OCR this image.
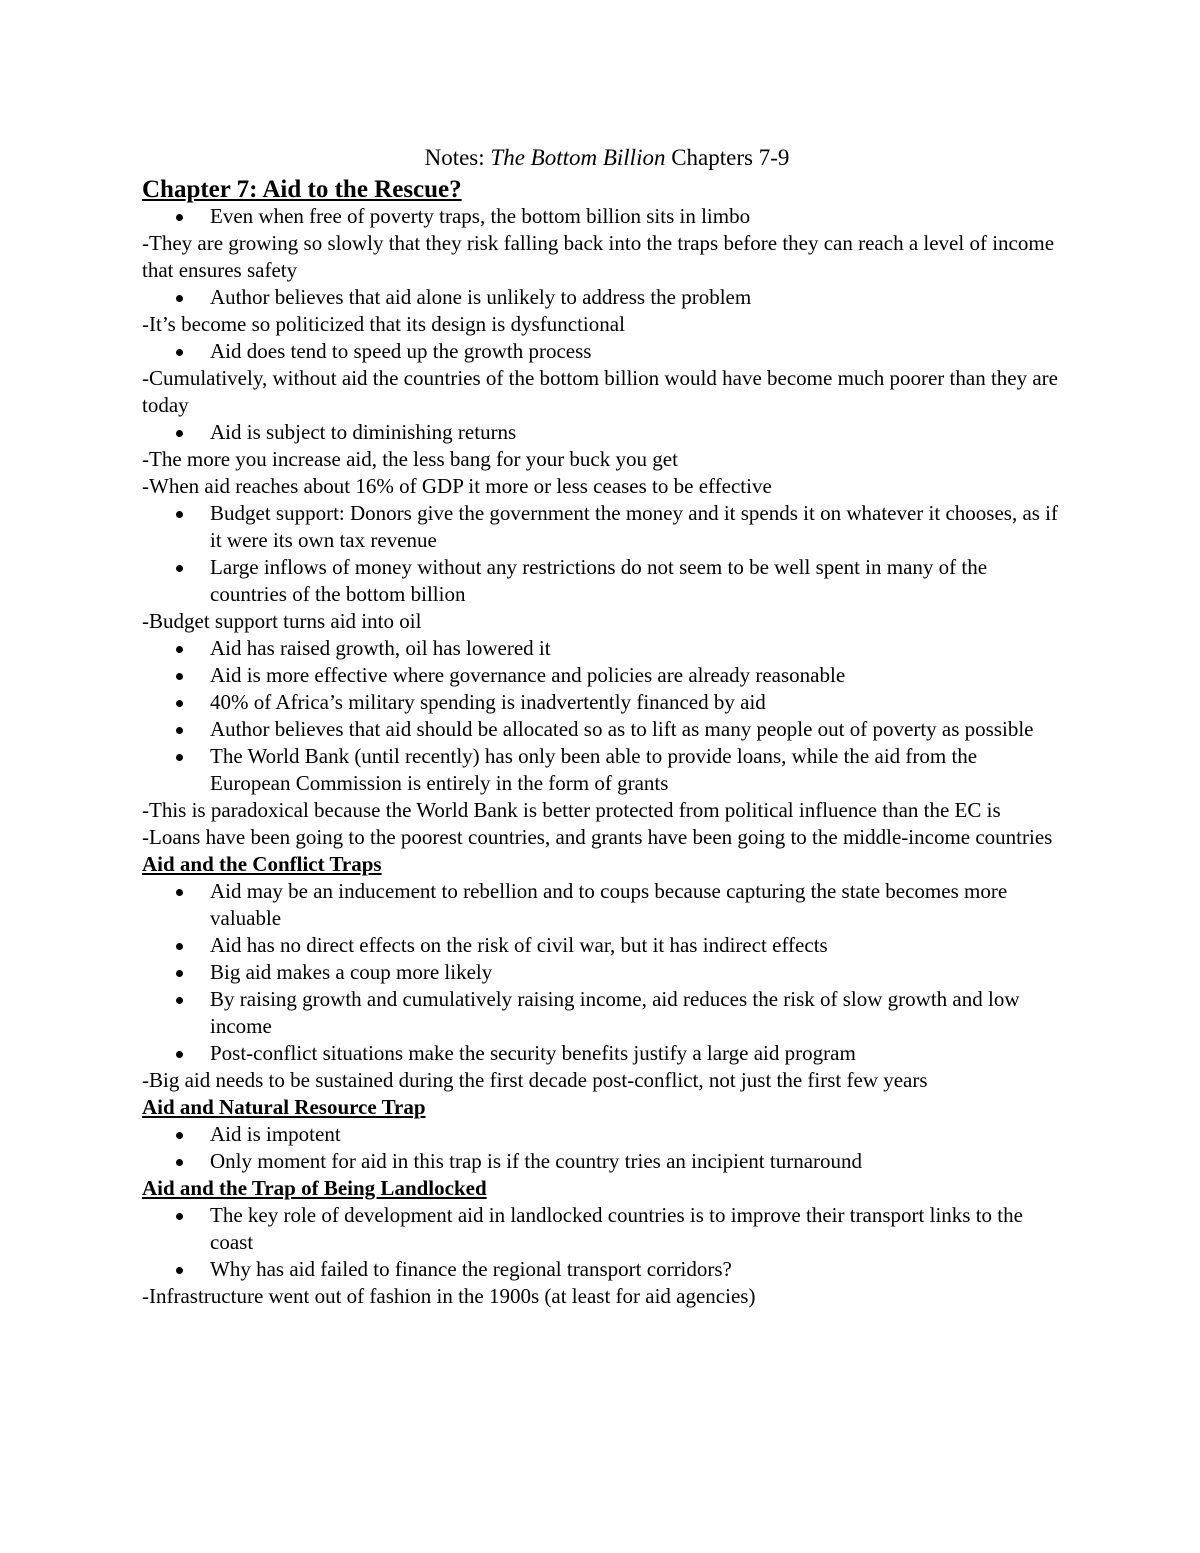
Notes: The Bottom Billion Chapters 7-9
Chapter 7: Aid to the Rescue?
Even when free of poverty traps, the bottom billion sits in limbo
-They are growing so slowly that they risk falling back into the traps before they can reach a level of income that ensures safety
Author believes that aid alone is unlikely to address the problem
-It’s become so politicized that its design is dysfunctional
Aid does tend to speed up the growth process
-Cumulatively, without aid the countries of the bottom billion would have become much poorer than they are today
Aid is subject to diminishing returns
-The more you increase aid, the less bang for your buck you get
-When aid reaches about 16% of GDP it more or less ceases to be effective
Budget support: Donors give the government the money and it spends it on whatever it chooses, as if it were its own tax revenue
Large inflows of money without any restrictions do not seem to be well spent in many of the countries of the bottom billion
-Budget support turns aid into oil
Aid has raised growth, oil has lowered it
Aid is more effective where governance and policies are already reasonable
40% of Africa’s military spending is inadvertently financed by aid
Author believes that aid should be allocated so as to lift as many people out of poverty as possible
The World Bank (until recently) has only been able to provide loans, while the aid from the European Commission is entirely in the form of grants
-This is paradoxical because the World Bank is better protected from political influence than the EC is
-Loans have been going to the poorest countries, and grants have been going to the middle-income countries
Aid and the Conflict Traps
Aid may be an inducement to rebellion and to coups because capturing the state becomes more valuable
Aid has no direct effects on the risk of civil war, but it has indirect effects
Big aid makes a coup more likely
By raising growth and cumulatively raising income, aid reduces the risk of slow growth and low income
Post-conflict situations make the security benefits justify a large aid program
-Big aid needs to be sustained during the first decade post-conflict, not just the first few years
Aid and Natural Resource Trap
Aid is impotent
Only moment for aid in this trap is if the country tries an incipient turnaround
Aid and the Trap of Being Landlocked
The key role of development aid in landlocked countries is to improve their transport links to the coast
Why has aid failed to finance the regional transport corridors?
-Infrastructure went out of fashion in the 1900s (at least for aid agencies)
